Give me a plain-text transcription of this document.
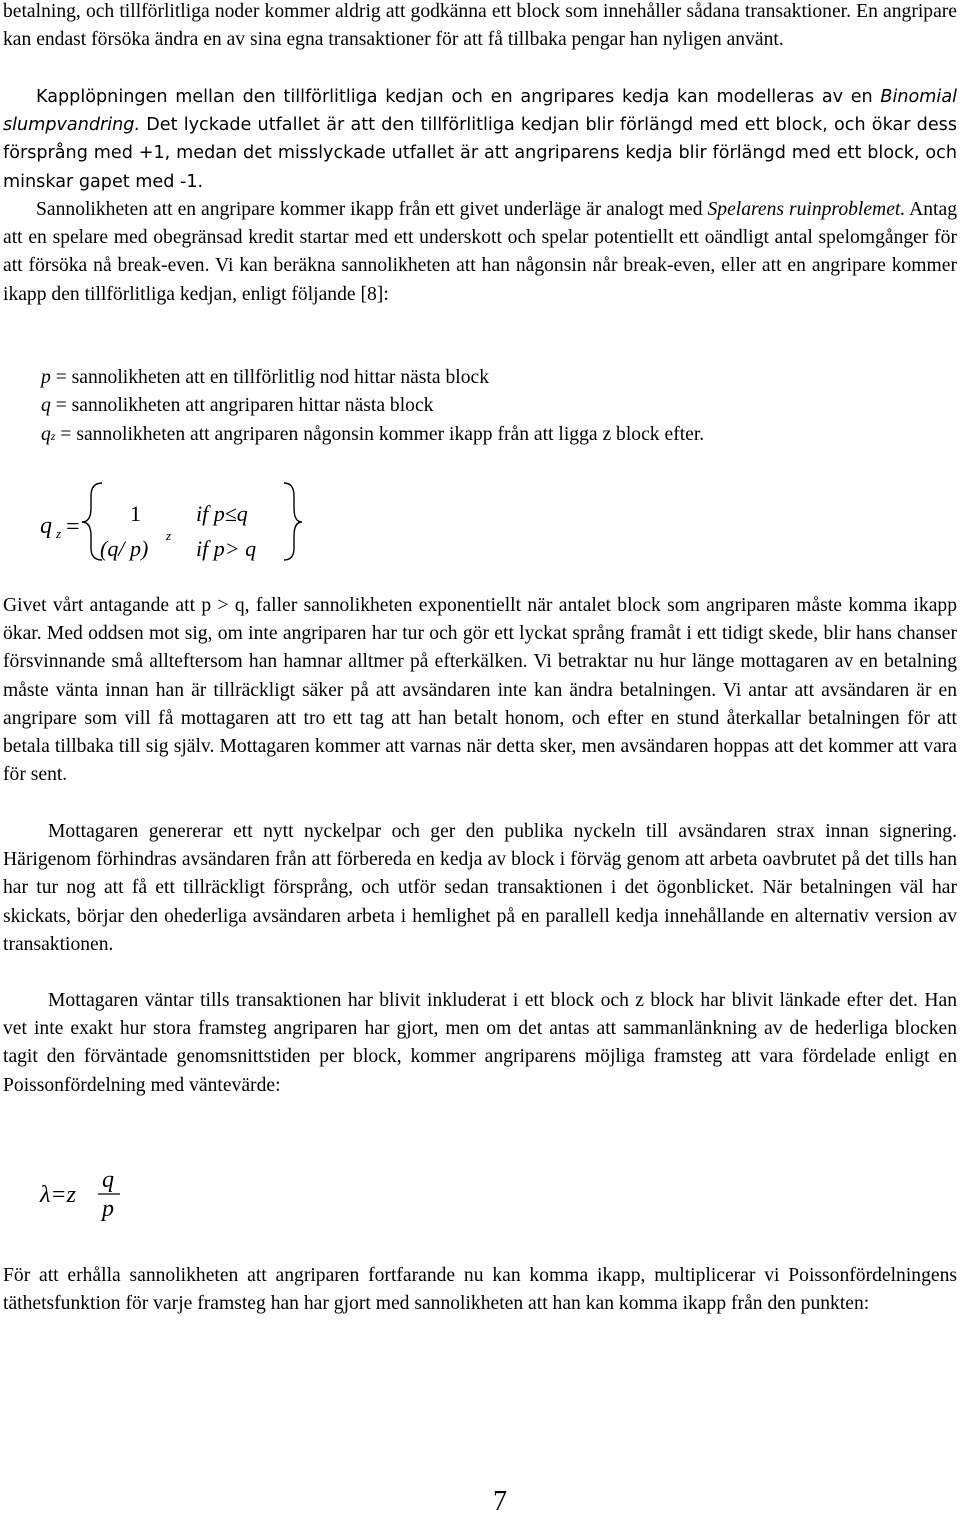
betalning, och tillförlitliga noder kommer aldrig att godkänna ett block som innehåller sådana transaktioner. En angripare kan endast försöka ändra en av sina egna transaktioner för att få tillbaka pengar han nyligen använt.

Kapplöpningen mellan den tillförlitliga kedjan och en angripares kedja kan modelleras av en Binomial slumpvandring. Det lyckade utfallet är att den tillförlitliga kedjan blir förlängd med ett block, och ökar dess försprång med +1, medan det misslyckade utfallet är att angriparens kedja blir förlängd med ett block, och minskar gapet med -1.

Sannolikheten att en angripare kommer ikapp från ett givet underläge är analogt med Spelarens ruinproblemet. Antag att en spelare med obegränsad kredit startar med ett underskott och spelar potentiellt ett oändligt antal spelomgånger för att försöka nå break-even. Vi kan beräkna sannolikheten att han någonsin når break-even, eller att en angripare kommer ikapp den tillförlitliga kedjan, enligt följande [8]:

p = sannolikheten att en tillförlitlig nod hittar nästa block

q = sannolikheten att angriparen hittar nästa block

qz = sannolikheten att angriparen någonsin kommer ikapp från att ligga z block efter.

q z =
1	if p≤q
(q/ p)
z
if p> q

Givet vårt antagande att p > q, faller sannolikheten exponentiellt när antalet block som angriparen måste komma ikapp ökar. Med oddsen mot sig, om inte angriparen har tur och gör ett lyckat språng framåt i ett tidigt skede, blir hans chanser försvinnande små allteftersom han hamnar alltmer på efterkälken. Vi betraktar nu hur länge mottagaren av en betalning måste vänta innan han är tillräckligt säker på att avsändaren inte kan ändra betalningen. Vi antar att avsändaren är en angripare som vill få mottagaren att tro ett tag att han betalt honom, och efter en stund återkallar betalningen för att betala tillbaka till sig själv. Mottagaren kommer att varnas när detta sker, men avsändaren hoppas att det kommer att vara för sent.

Mottagaren genererar ett nytt nyckelpar och ger den publika nyckeln till avsändaren strax innan signering. Härigenom förhindras avsändaren från att förbereda en kedja av block i förväg genom att arbeta oavbrutet på det tills han har tur nog att få ett tillräckligt försprång, och utför sedan transaktionen i det ögonblicket. När betalningen väl har skickats, börjar den ohederliga avsändaren arbeta i hemlighet på en parallell kedja innehållande en alternativ version av transaktionen.

Mottagaren väntar tills transaktionen har blivit inkluderat i ett block och z block har blivit länkade efter det. Han vet inte exakt hur stora framsteg angriparen har gjort, men om det antas att sammanlänkning av de hederliga blocken tagit den förväntade genomsnittstiden per block, kommer angriparens möjliga framsteg att vara fördelade enligt en Poissonfördelning med väntevärde:

λ=z
q
p

För att erhålla sannolikheten att angriparen fortfarande nu kan komma ikapp, multiplicerar vi Poissonfördelningens täthetsfunktion för varje framsteg han har gjort med sannolikheten att han kan komma ikapp från den punkten:

7
